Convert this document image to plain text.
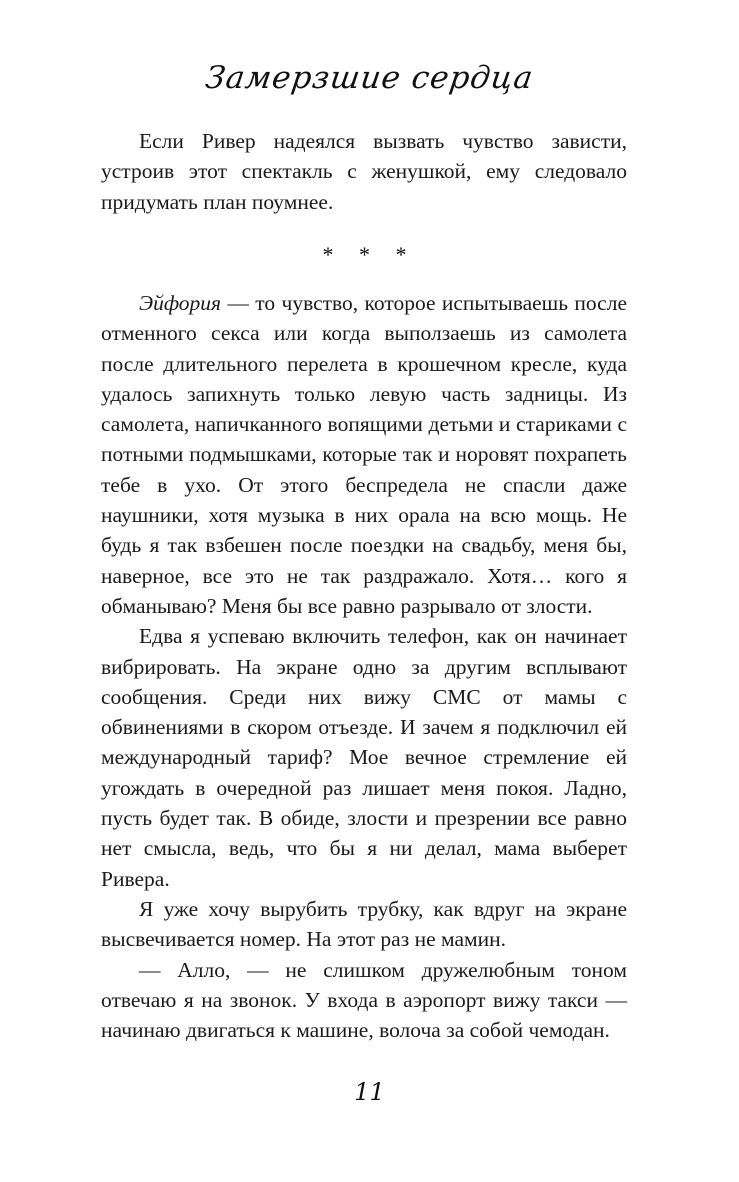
Замерзшие сердца

Если Ривер надеялся вызвать чувство зависти, устроив этот спектакль с женушкой, ему следовало придумать план поумнее.

* * *

Эйфория — то чувство, которое испытываешь после отменного секса или когда выползаешь из самолета после длительного перелета в крошечном кресле, куда удалось запихнуть только левую часть задницы. Из самолета, напичканного вопящими детьми и стариками с потными подмышками, которые так и норовят похрапеть тебе в ухо. От этого беспредела не спасли даже наушники, хотя музыка в них орала на всю мощь. Не будь я так взбешен после поездки на свадьбу, меня бы, наверное, все это не так раздражало. Хотя… кого я обманываю? Меня бы все равно разрывало от злости.

Едва я успеваю включить телефон, как он начинает вибрировать. На экране одно за другим всплывают сообщения. Среди них вижу СМС от мамы с обвинениями в скором отъезде. И зачем я подключил ей международный тариф? Мое вечное стремление ей угождать в очередной раз лишает меня покоя. Ладно, пусть будет так. В обиде, злости и презрении все равно нет смысла, ведь, что бы я ни делал, мама выберет Ривера.

Я уже хочу вырубить трубку, как вдруг на экране высвечивается номер. На этот раз не мамин.

— Алло, — не слишком дружелюбным тоном отвечаю я на звонок. У входа в аэропорт вижу такси — начинаю двигаться к машине, волоча за собой чемодан.

11
